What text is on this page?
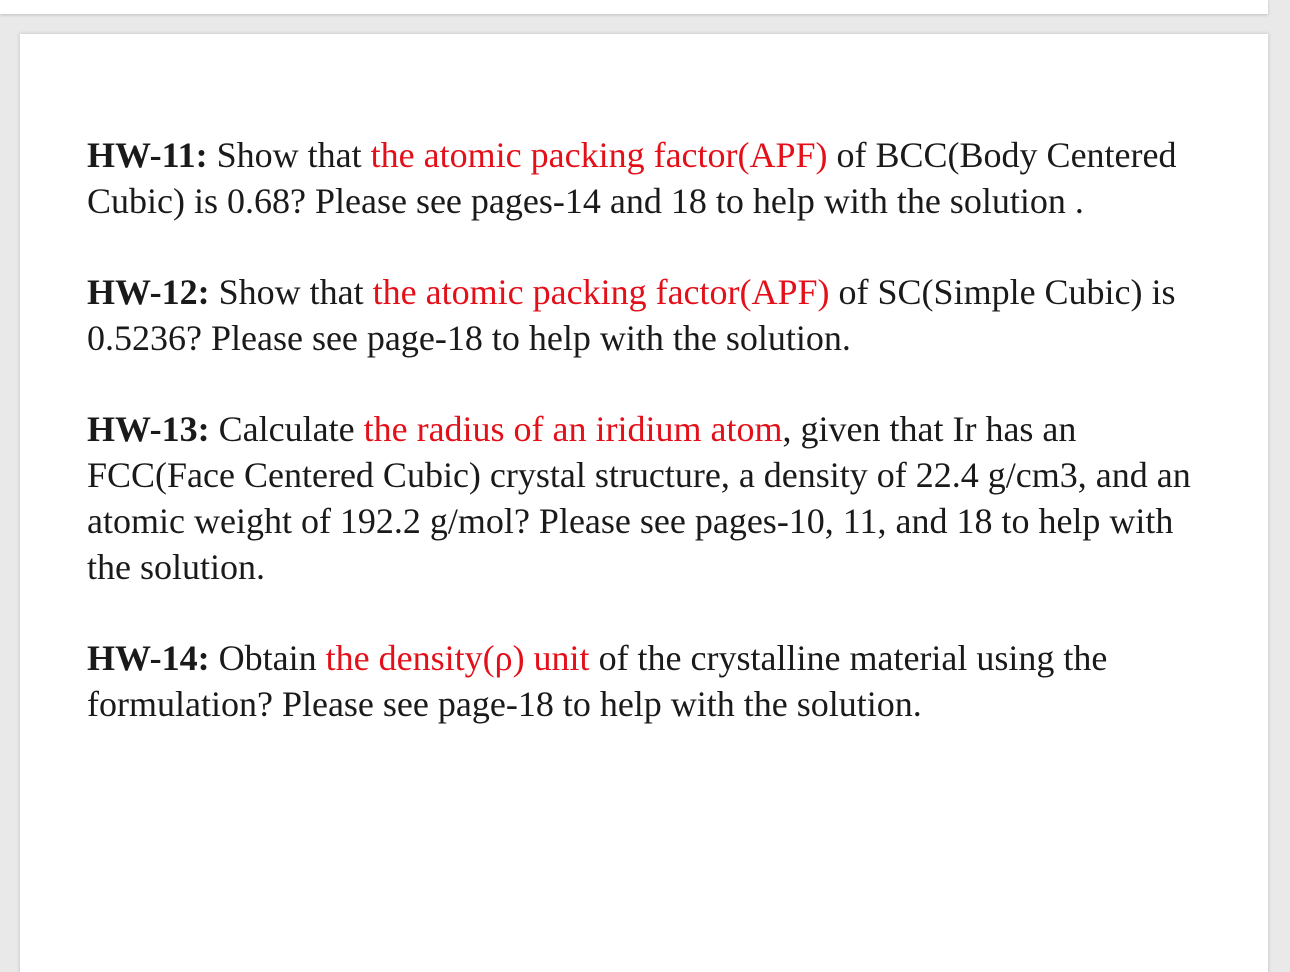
HW-11: Show that the atomic packing factor(APF) of BCC(Body Centered Cubic) is 0.68? Please see pages-14 and 18 to help with the solution .

HW-12: Show that the atomic packing factor(APF) of SC(Simple Cubic) is 0.5236? Please see page-18 to help with the solution.

HW-13: Calculate the radius of an iridium atom, given that Ir has an FCC(Face Centered Cubic) crystal structure, a density of 22.4 g/cm3, and an atomic weight of 192.2 g/mol? Please see pages-10, 11, and 18 to help with the solution.

HW-14: Obtain the density(ρ) unit of the crystalline material using the formulation? Please see page-18 to help with the solution.
